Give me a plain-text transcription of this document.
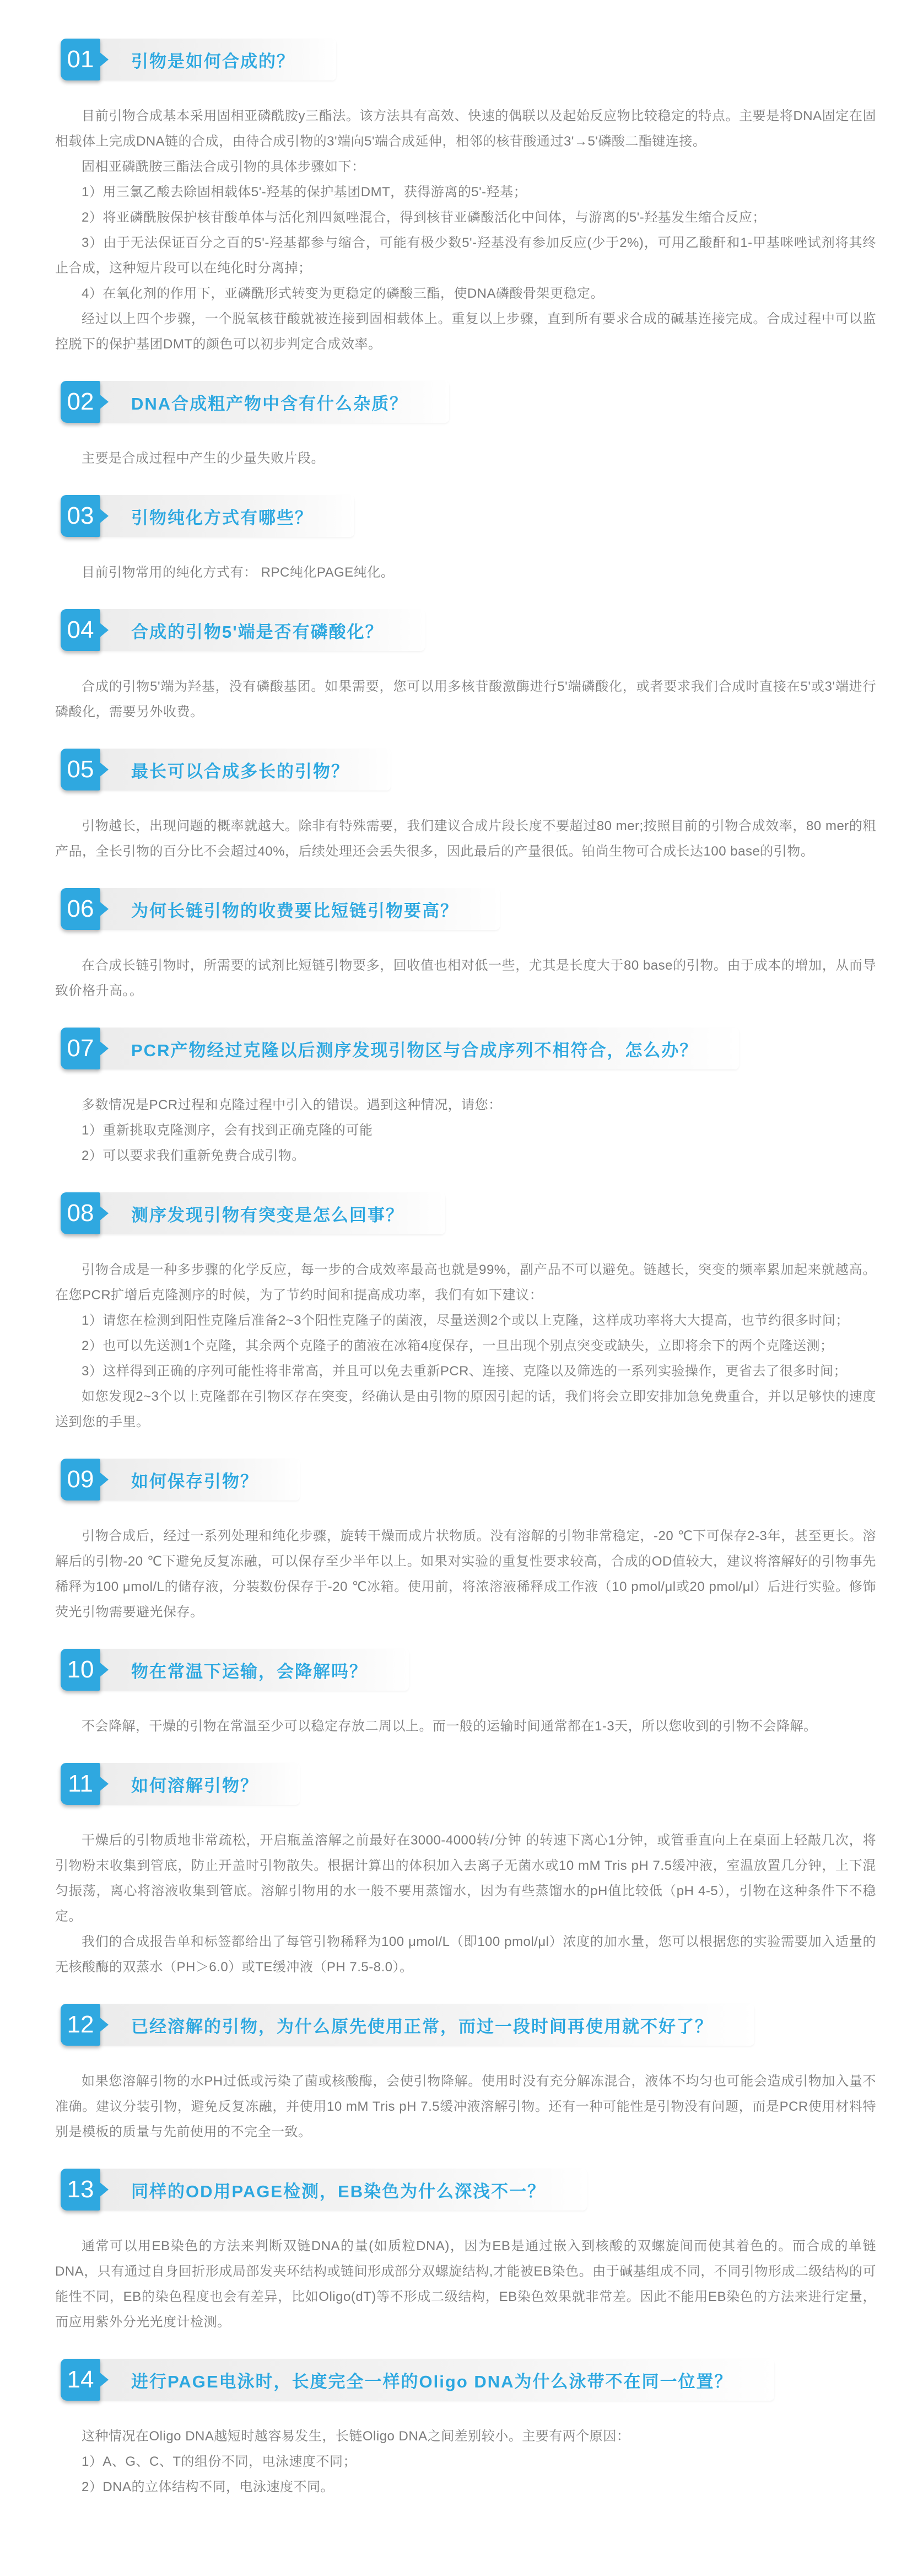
01 引物是如何合成的？

目前引物合成基本采用固相亚磷酰胺y三酯法。该方法具有高效、快速的偶联以及起始反应物比较稳定的特点。主要是将DNA固定在固相载体上完成DNA链的合成，由待合成引物的3'端向5'端合成延伸，相邻的核苷酸通过3'→5'磷酸二酯键连接。

固相亚磷酰胺三酯法合成引物的具体步骤如下：

1）用三氯乙酸去除固相载体5'-羟基的保护基团DMT，获得游离的5'-羟基；

2）将亚磷酰胺保护核苷酸单体与活化剂四氮唑混合，得到核苷亚磷酸活化中间体，与游离的5'-羟基发生缩合反应；

3）由于无法保证百分之百的5'-羟基都参与缩合，可能有极少数5'-羟基没有参加反应(少于2%)，可用乙酸酐和1-甲基咪唑试剂将其终止合成，这种短片段可以在纯化时分离掉；

4）在氧化剂的作用下，亚磷酰形式转变为更稳定的磷酸三酯，使DNA磷酸骨架更稳定。

经过以上四个步骤，一个脱氧核苷酸就被连接到固相载体上。重复以上步骤，直到所有要求合成的碱基连接完成。合成过程中可以监控脱下的保护基团DMT的颜色可以初步判定合成效率。

02 DNA合成粗产物中含有什么杂质？

主要是合成过程中产生的少量失败片段。

03 引物纯化方式有哪些？

目前引物常用的纯化方式有： RPC纯化PAGE纯化。

04 合成的引物5'端是否有磷酸化？

合成的引物5'端为羟基，没有磷酸基团。如果需要，您可以用多核苷酸激酶进行5'端磷酸化，或者要求我们合成时直接在5'或3'端进行磷酸化，需要另外收费。

05 最长可以合成多长的引物？

引物越长，出现问题的概率就越大。除非有特殊需要，我们建议合成片段长度不要超过80 mer;按照目前的引物合成效率，80 mer的粗产品，全长引物的百分比不会超过40%，后续处理还会丢失很多，因此最后的产量很低。铂尚生物可合成长达100 base的引物。

06 为何长链引物的收费要比短链引物要高？

在合成长链引物时，所需要的试剂比短链引物要多，回收值也相对低一些，尤其是长度大于80 base的引物。由于成本的增加，从而导致价格升高。。

07 PCR产物经过克隆以后测序发现引物区与合成序列不相符合，怎么办？

多数情况是PCR过程和克隆过程中引入的错误。遇到这种情况，请您：

1）重新挑取克隆测序，会有找到正确克隆的可能

2）可以要求我们重新免费合成引物。

08 测序发现引物有突变是怎么回事？

引物合成是一种多步骤的化学反应，每一步的合成效率最高也就是99%，副产品不可以避免。链越长，突变的频率累加起来就越高。在您PCR扩增后克隆测序的时候，为了节约时间和提高成功率，我们有如下建议：

1）请您在检测到阳性克隆后准备2~3个阳性克隆子的菌液，尽量送测2个或以上克隆，这样成功率将大大提高，也节约很多时间；

2）也可以先送测1个克隆，其余两个克隆子的菌液在冰箱4度保存，一旦出现个别点突变或缺失，立即将余下的两个克隆送测；

3）这样得到正确的序列可能性将非常高，并且可以免去重新PCR、连接、克隆以及筛选的一系列实验操作，更省去了很多时间；

如您发现2~3个以上克隆都在引物区存在突变，经确认是由引物的原因引起的话，我们将会立即安排加急免费重合，并以足够快的速度送到您的手里。

09 如何保存引物？

引物合成后，经过一系列处理和纯化步骤，旋转干燥而成片状物质。没有溶解的引物非常稳定，-20 ℃下可保存2-3年，甚至更长。溶解后的引物-20 ℃下避免反复冻融，可以保存至少半年以上。如果对实验的重复性要求较高，合成的OD值较大，建议将溶解好的引物事先稀释为100 μmol/L的储存液，分装数份保存于-20 ℃冰箱。使用前，将浓溶液稀释成工作液（10 pmol/μl或20 pmol/μl）后进行实验。修饰荧光引物需要避光保存。

10 物在常温下运输，会降解吗？

不会降解，干燥的引物在常温至少可以稳定存放二周以上。而一般的运输时间通常都在1-3天，所以您收到的引物不会降解。

11 如何溶解引物？

干燥后的引物质地非常疏松，开启瓶盖溶解之前最好在3000-4000转/分钟 的转速下离心1分钟，或管垂直向上在桌面上轻敲几次，将引物粉末收集到管底，防止开盖时引物散失。根据计算出的体积加入去离子无菌水或10 mM Tris pH 7.5缓冲液，室温放置几分钟，上下混匀振荡，离心将溶液收集到管底。溶解引物用的水一般不要用蒸馏水，因为有些蒸馏水的pH值比较低（pH 4-5），引物在这种条件下不稳定。

我们的合成报告单和标签都给出了每管引物稀释为100 μmol/L（即100 pmol/μl）浓度的加水量，您可以根据您的实验需要加入适量的无核酸酶的双蒸水（PH＞6.0）或TE缓冲液（PH 7.5-8.0）。

12 已经溶解的引物，为什么原先使用正常，而过一段时间再使用就不好了？

如果您溶解引物的水PH过低或污染了菌或核酸酶，会使引物降解。使用时没有充分解冻混合，液体不均匀也可能会造成引物加入量不准确。建议分装引物，避免反复冻融，并使用10 mM Tris pH 7.5缓冲液溶解引物。还有一种可能性是引物没有问题，而是PCR使用材料特别是模板的质量与先前使用的不完全一致。

13 同样的OD用PAGE检测，EB染色为什么深浅不一？

通常可以用EB染色的方法来判断双链DNA的量(如质粒DNA)，因为EB是通过嵌入到核酸的双螺旋间而使其着色的。而合成的单链DNA，只有通过自身回折形成局部发夹环结构或链间形成部分双螺旋结构,才能被EB染色。由于碱基组成不同，不同引物形成二级结构的可能性不同，EB的染色程度也会有差异，比如Oligo(dT)等不形成二级结构，EB染色效果就非常差。因此不能用EB染色的方法来进行定量，而应用紫外分光光度计检测。

14 进行PAGE电泳时，长度完全一样的Oligo DNA为什么泳带不在同一位置？

这种情况在Oligo DNA越短时越容易发生，长链Oligo DNA之间差别较小。主要有两个原因：

1）A、G、C、T的组份不同，电泳速度不同；

2）DNA的立体结构不同，电泳速度不同。
